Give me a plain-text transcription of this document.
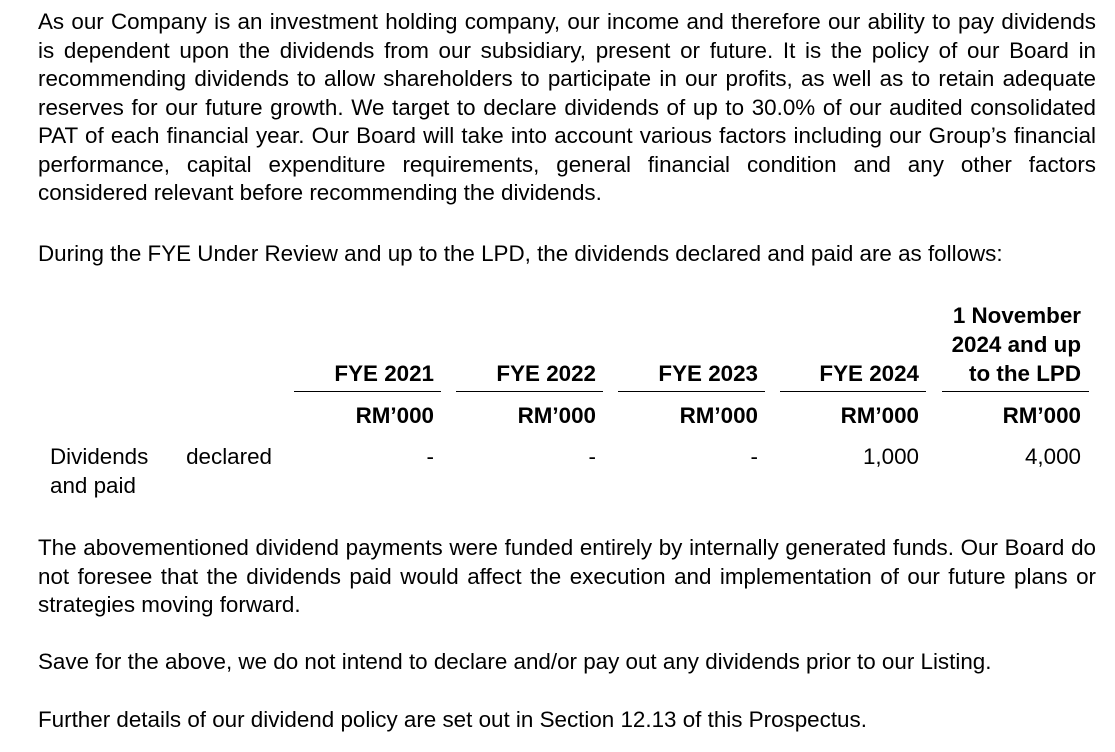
As our Company is an investment holding company, our income and therefore our ability to pay dividends is dependent upon the dividends from our subsidiary, present or future. It is the policy of our Board in recommending dividends to allow shareholders to participate in our profits, as well as to retain adequate reserves for our future growth. We target to declare dividends of up to 30.0% of our audited consolidated PAT of each financial year. Our Board will take into account various factors including our Group’s financial performance, capital expenditure requirements, general financial condition and any other factors considered relevant before recommending the dividends.

During the FYE Under Review and up to the LPD, the dividends declared and paid are as follows:

FYE 2021
RM’000
-
FYE 2022
RM’000
-
FYE 2023
RM’000
-
FYE 2024
RM’000
1,000
1 November
2024 and up
to the LPD
RM’000
4,000
Dividends declared and paid

The abovementioned dividend payments were funded entirely by internally generated funds. Our Board do not foresee that the dividends paid would affect the execution and implementation of our future plans or strategies moving forward.

Save for the above, we do not intend to declare and/or pay out any dividends prior to our Listing.

Further details of our dividend policy are set out in Section 12.13 of this Prospectus.
